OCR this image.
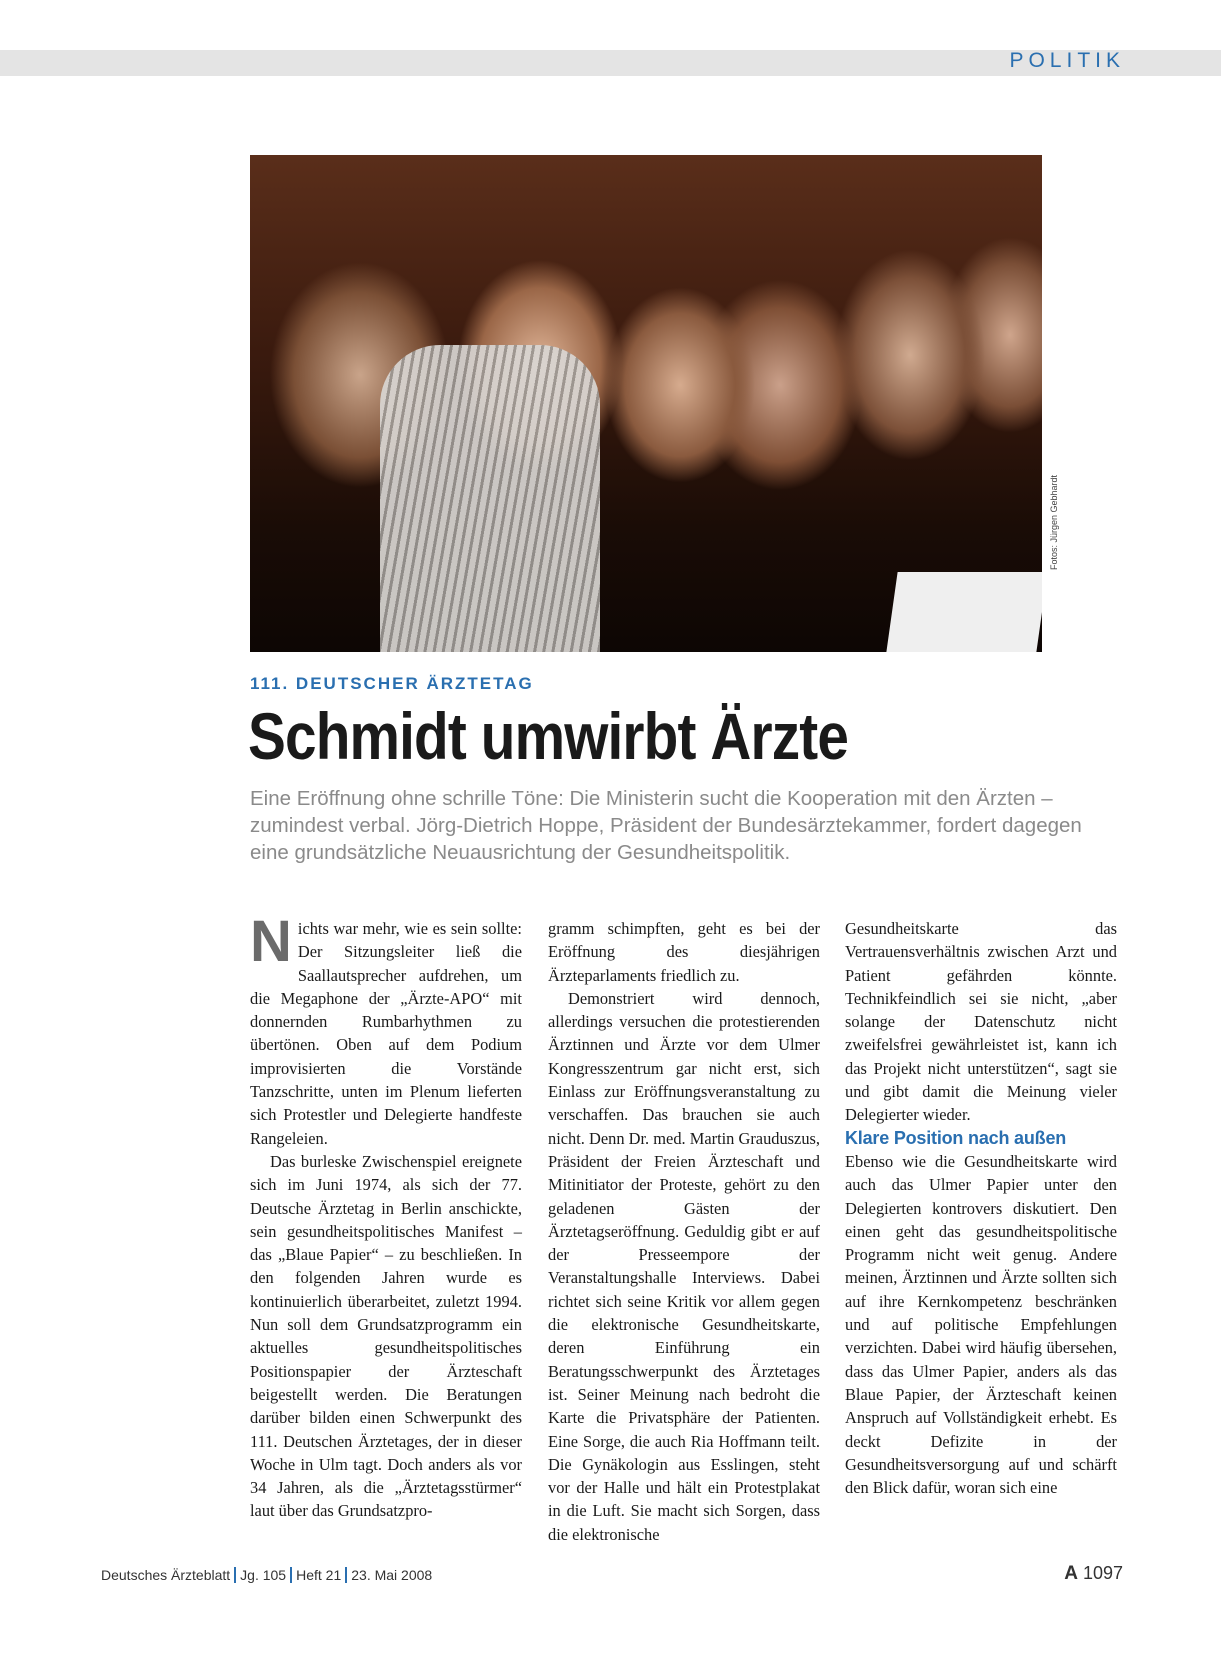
POLITIK
Fotos: Jürgen Gebhardt
111. DEUTSCHER ÄRZTETAG
Schmidt umwirbt Ärzte
Eine Eröffnung ohne schrille Töne: Die Ministerin sucht die Kooperation mit den Ärzten – zumindest verbal. Jörg-Dietrich Hoppe, Präsident der Bundesärztekammer, fordert dagegen eine grundsätzliche Neuausrichtung der Gesundheitspolitik.

Nichts war mehr, wie es sein sollte: Der Sitzungsleiter ließ die Saallautsprecher aufdrehen, um die Megaphone der „Ärzte-APO“ mit donnernden Rumbarhythmen zu übertönen. Oben auf dem Podium improvisierten die Vorstände Tanzschritte, unten im Plenum lieferten sich Protestler und Delegierte handfeste Rangeleien.

Das burleske Zwischenspiel ereignete sich im Juni 1974, als sich der 77. Deutsche Ärztetag in Berlin anschickte, sein gesundheitspolitisches Manifest – das „Blaue Papier“ – zu beschließen. In den folgenden Jahren wurde es kontinuierlich überarbeitet, zuletzt 1994. Nun soll dem Grundsatzprogramm ein aktuelles gesundheitspolitisches Positionspapier der Ärzteschaft beigestellt werden. Die Beratungen darüber bilden einen Schwerpunkt des 111. Deutschen Ärztetages, der in dieser Woche in Ulm tagt. Doch anders als vor 34 Jahren, als die „Ärztetagsstürmer“ laut über das Grundsatzpro-

gramm schimpften, geht es bei der Eröffnung des diesjährigen Ärzteparlaments friedlich zu.

Demonstriert wird dennoch, allerdings versuchen die protestierenden Ärztinnen und Ärzte vor dem Ulmer Kongresszentrum gar nicht erst, sich Einlass zur Eröffnungsveranstaltung zu verschaffen. Das brauchen sie auch nicht. Denn Dr. med. Martin Grauduszus, Präsident der Freien Ärzteschaft und Mitinitiator der Proteste, gehört zu den geladenen Gästen der Ärztetagseröffnung. Geduldig gibt er auf der Presseempore der Veranstaltungshalle Interviews. Dabei richtet sich seine Kritik vor allem gegen die elektronische Gesundheitskarte, deren Einführung ein Beratungsschwerpunkt des Ärztetages ist. Seiner Meinung nach bedroht die Karte die Privatsphäre der Patienten. Eine Sorge, die auch Ria Hoffmann teilt. Die Gynäkologin aus Esslingen, steht vor der Halle und hält ein Protestplakat in die Luft. Sie macht sich Sorgen, dass die elektronische

Gesundheitskarte das Vertrauensverhältnis zwischen Arzt und Patient gefährden könnte. Technikfeindlich sei sie nicht, „aber solange der Datenschutz nicht zweifelsfrei gewährleistet ist, kann ich das Projekt nicht unterstützen“, sagt sie und gibt damit die Meinung vieler Delegierter wieder.

Klare Position nach außen

Ebenso wie die Gesundheitskarte wird auch das Ulmer Papier unter den Delegierten kontrovers diskutiert. Den einen geht das gesundheitspolitische Programm nicht weit genug. Andere meinen, Ärztinnen und Ärzte sollten sich auf ihre Kernkompetenz beschränken und auf politische Empfehlungen verzichten. Dabei wird häufig übersehen, dass das Ulmer Papier, anders als das Blaue Papier, der Ärzteschaft keinen Anspruch auf Vollständigkeit erhebt. Es deckt Defizite in der Gesundheitsversorgung auf und schärft den Blick dafür, woran sich eine

Deutsches Ärzteblatt Jg. 105 Heft 21 23. Mai 2008	A 1097
